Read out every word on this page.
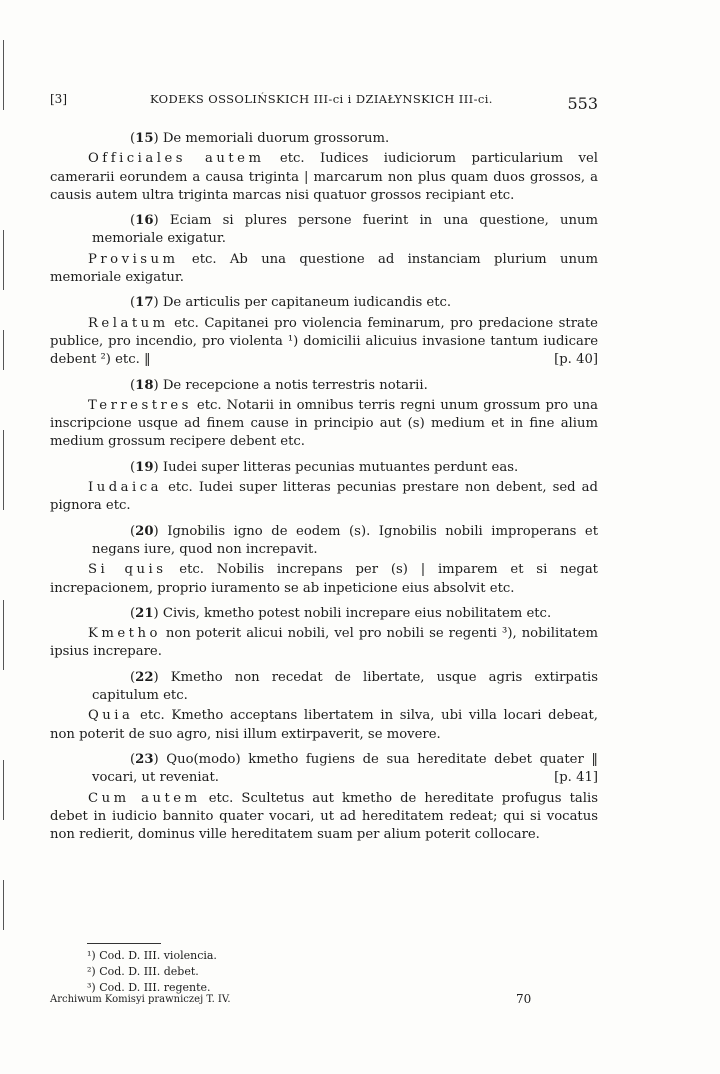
[3]	KODEKS OSSOLIŃSKICH III-ci i DZIAŁYNSKICH III-ci.	553

(15) De memoriali duorum grossorum.

Officiales autem etc. Iudices iudiciorum particularium vel camerarii eorundem a causa triginta | marcarum non plus quam duos grossos, a causis autem ultra triginta marcas nisi quatuor grossos recipiant etc.

(16) Eciam si plures persone fuerint in una questione, unum memoriale exigatur.

Provisum etc. Ab una questione ad instanciam plurium unum memoriale exigatur.

(17) De articulis per capitaneum iudicandis etc.

Relatum etc. Capitanei pro violencia feminarum, pro predacione strate publice, pro incendio, pro violenta ¹) domicilii alicuius invasione tantum iudicare debent ²) etc. ‖	[p. 40]

(18) De recepcione a notis terrestris notarii.

Terrestres etc. Notarii in omnibus terris regni unum grossum pro una inscripcione usque ad finem cause in principio aut (s) medium et in fine alium medium grossum recipere debent etc.

(19) Iudei super litteras pecunias mutuantes perdunt eas.

Iudaica etc. Iudei super litteras pecunias prestare non debent, sed ad pignora etc.

(20) Ignobilis igno de eodem (s). Ignobilis nobili improperans et negans iure, quod non increpavit.

Si quis etc. Nobilis increpans per (s) | imparem et si negat increpacionem, proprio iuramento se ab inpeticione eius absolvit etc.

(21) Civis, kmetho potest nobili increpare eius nobilitatem etc.

Kmetho non poterit alicui nobili, vel pro nobili se regenti ³), nobilitatem ipsius increpare.

(22) Kmetho non recedat de libertate, usque agris extirpatis capitulum etc.

Quia etc. Kmetho acceptans libertatem in silva, ubi villa locari debeat, non poterit de suo agro, nisi illum extirpaverit, se movere.

(23) Quo(modo) kmetho fugiens de sua hereditate debet quater ‖ vocari, ut reveniat.	[p. 41]

Cum autem etc. Scultetus aut kmetho de hereditate profugus talis debet in iudicio bannito quater vocari, ut ad hereditatem redeat; qui si vocatus non redierit, dominus ville hereditatem suam per alium poterit collocare.

¹) Cod. D. III. violencia.
²) Cod. D. III. debet.
³) Cod. D. III. regente.
Archiwum Komisyi prawniczej T. IV.	70
